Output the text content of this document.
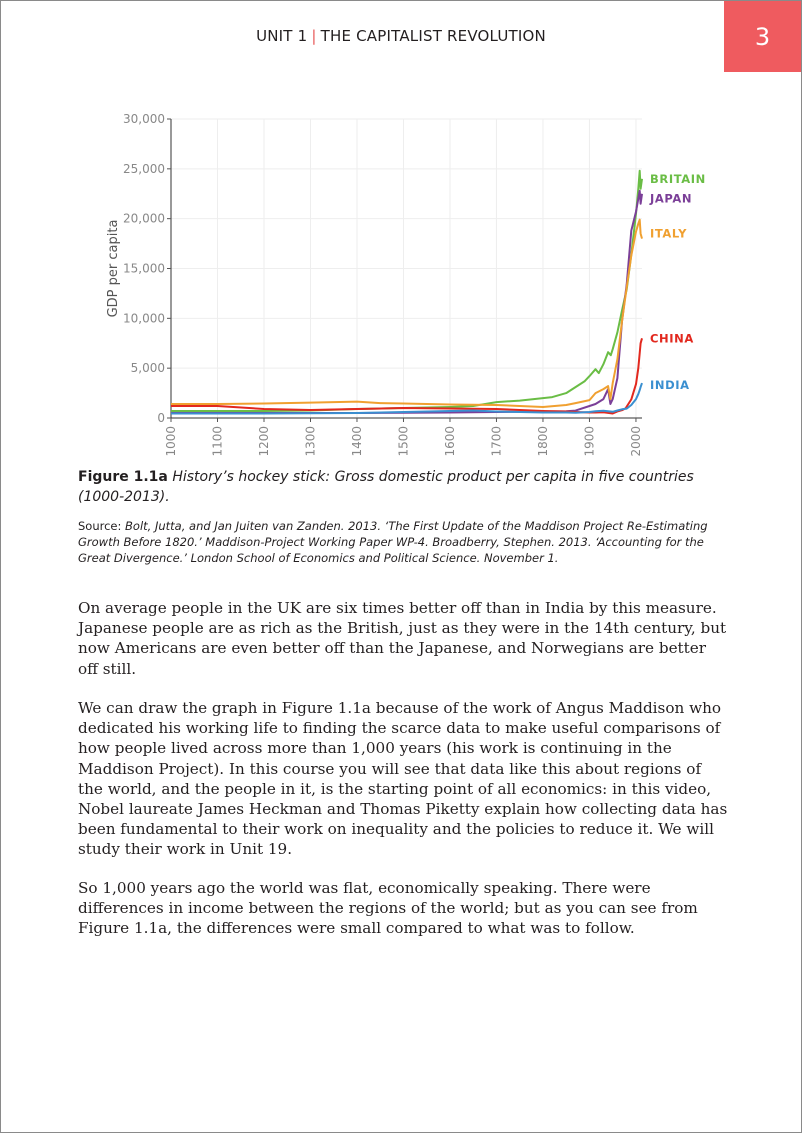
UNIT 1 | THE CAPITALIST REVOLUTION	3
0
5,000
10,000
15,000
20,000
25,000
30,000
1000	1100	1200	1300	1400	1500	1600	1700	1800	1900	2000
GDP per capita
BRITAIN
JAPAN
ITALY
CHINA
INDIA
Figure 1.1a History’s hockey stick: Gross domestic product per capita in five countries (1000-2013).
Source: Bolt, Jutta, and Jan Juiten van Zanden. 2013. ‘The First Update of the Maddison Project Re-Estimating Growth Before 1820.’ Maddison-Project Working Paper WP-4. Broadberry, Stephen. 2013. ‘Accounting for the Great Divergence.’ London School of Economics and Political Science. November 1.
On average people in the UK are six times better off than in India by this measure. Japanese people are as rich as the British, just as they were in the 14th century, but now Americans are even better off than the Japanese, and Norwegians are better off still.
We can draw the graph in Figure 1.1a because of the work of Angus Maddison who dedicated his working life to finding the scarce data to make useful comparisons of how people lived across more than 1,000 years (his work is continuing in the Maddison Project). In this course you will see that data like this about regions of the world, and the people in it, is the starting point of all economics: in this video, Nobel laureate James Heckman and Thomas Piketty explain how collecting data has been fundamental to their work on inequality and the policies to reduce it. We will study their work in Unit 19.
So 1,000 years ago the world was flat, economically speaking. There were differences in income between the regions of the world; but as you can see from Figure 1.1a, the differences were small compared to what was to follow.
